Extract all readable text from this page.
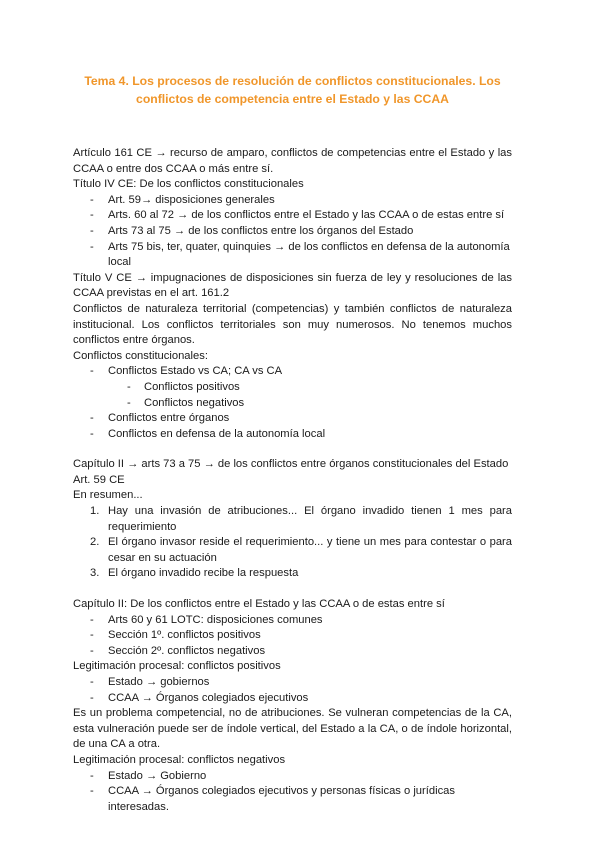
Tema 4. Los procesos de resolución de conflictos constitucionales. Los
conflictos de competencia entre el Estado y las CCAA

Artículo 161 CE → recurso de amparo, conflictos de competencias entre el Estado y las CCAA o entre dos CCAA o más entre sí.

Título IV CE: De los conflictos constitucionales

- Art. 59→ disposiciones generales
- Arts. 60 al 72 → de los conflictos entre el Estado y las CCAA o de estas entre sí
- Arts 73 al 75 → de los conflictos entre los órganos del Estado
- Arts 75 bis, ter, quater, quinquies → de los conflictos en defensa de la autonomía local

Título V CE → impugnaciones de disposiciones sin fuerza de ley y resoluciones de las CCAA previstas en el art. 161.2

Conflictos de naturaleza territorial (competencias) y también conflictos de naturaleza institucional. Los conflictos territoriales son muy numerosos. No tenemos muchos conflictos entre órganos.

Conflictos constitucionales:

- Conflictos Estado vs CA; CA vs CA
- Conflictos positivos
- Conflictos negativos
- Conflictos entre órganos
- Conflictos en defensa de la autonomía local

Capítulo II → arts 73 a 75 → de los conflictos entre órganos constitucionales del Estado

Art. 59 CE

En resumen...

1. Hay una invasión de atribuciones... El órgano invadido tienen 1 mes para requerimiento
2. El órgano invasor reside el requerimiento... y tiene un mes para contestar o para cesar en su actuación
3. El órgano invadido recibe la respuesta

Capítulo II: De los conflictos entre el Estado y las CCAA o de estas entre sí

- Arts 60 y 61 LOTC: disposiciones comunes
- Sección 1º. conflictos positivos
- Sección 2º. conflictos negativos

Legitimación procesal: conflictos positivos

- Estado → gobiernos
- CCAA → Órganos colegiados ejecutivos

Es un problema competencial, no de atribuciones. Se vulneran competencias de la CA, esta vulneración puede ser de índole vertical, del Estado a la CA, o de índole horizontal, de una CA a otra.

Legitimación procesal: conflictos negativos

- Estado → Gobierno
- CCAA → Órganos colegiados ejecutivos y personas físicas o jurídicas interesadas.
